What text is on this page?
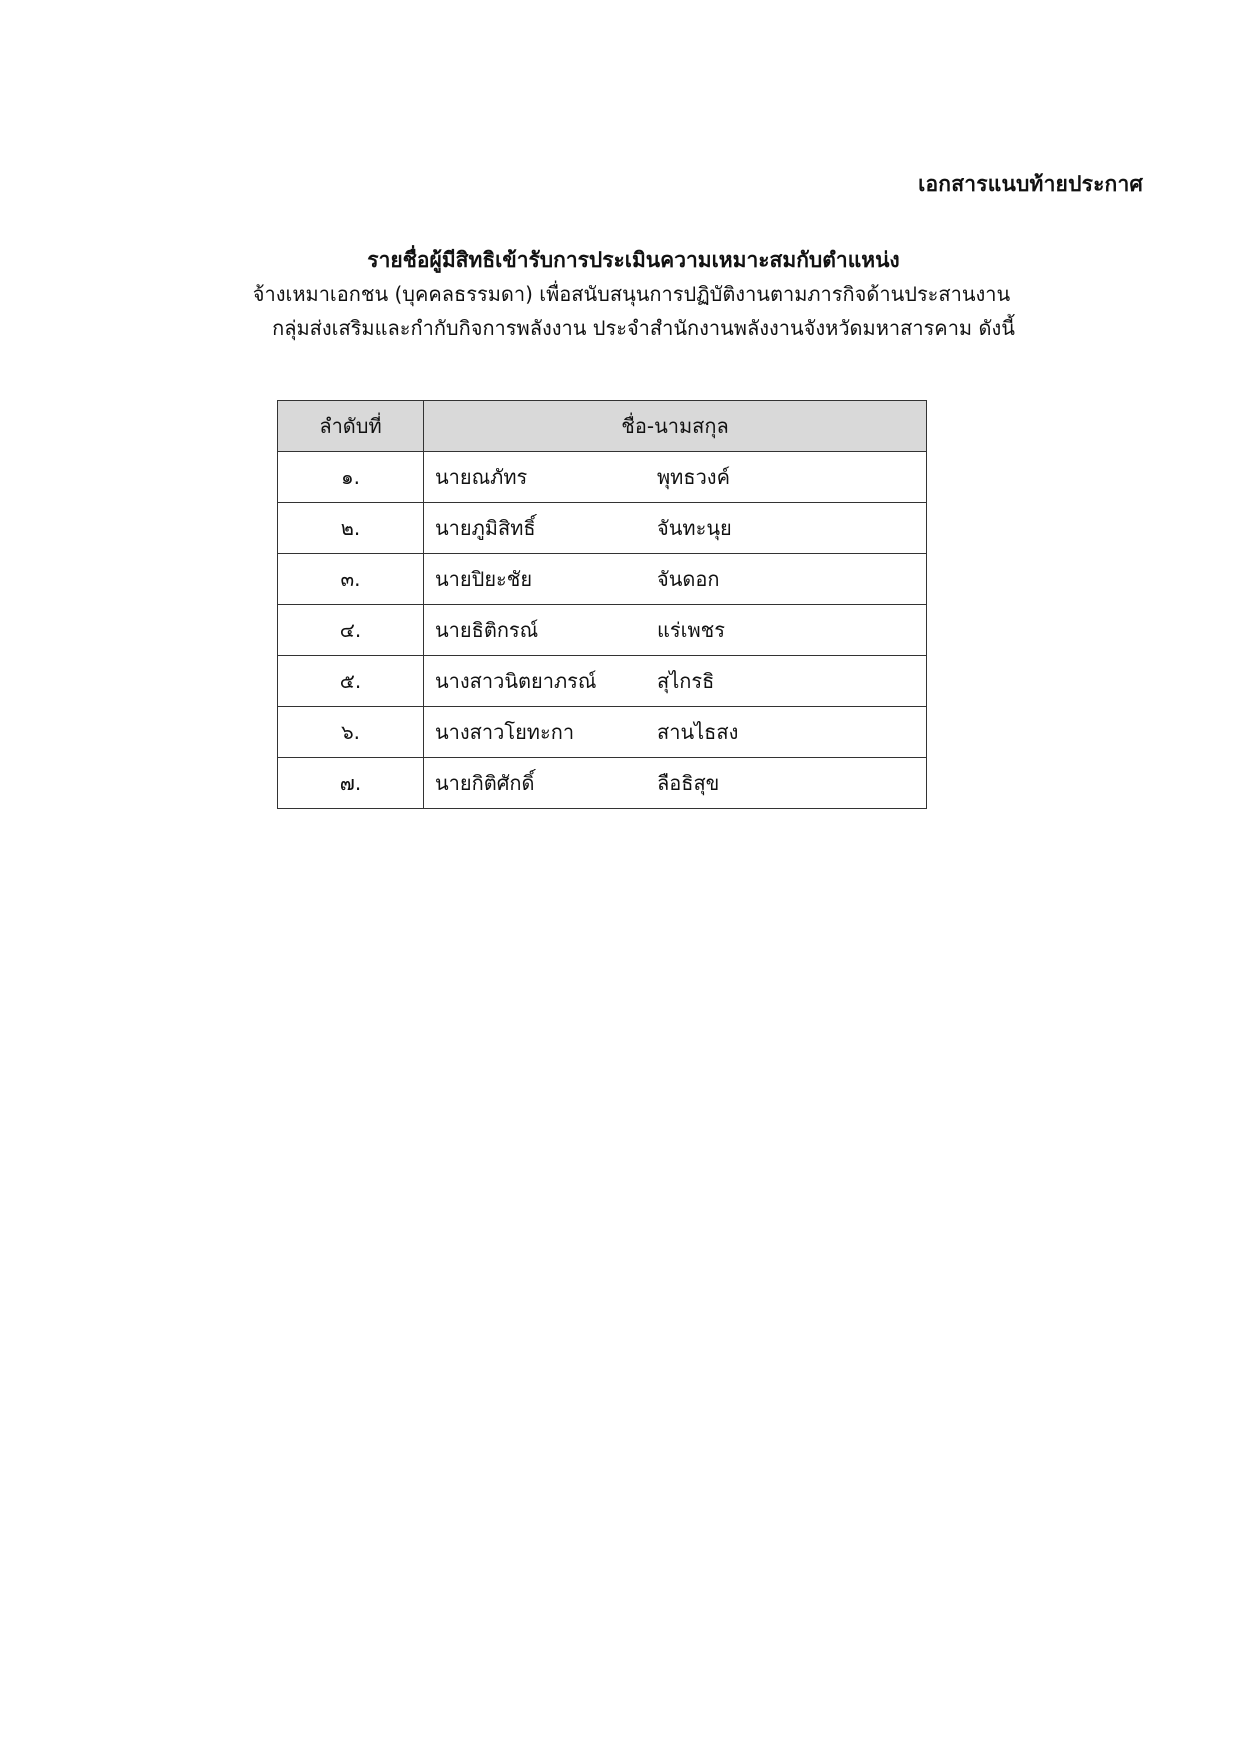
เอกสารแนบท้ายประกาศ

รายชื่อผู้มีสิทธิเข้ารับการประเมินความเหมาะสมกับตำแหน่ง

จ้างเหมาเอกชน (บุคคลธรรมดา) เพื่อสนับสนุนการปฏิบัติงานตามภารกิจด้านประสานงาน

กลุ่มส่งเสริมและกำกับกิจการพลังงาน ประจำสำนักงานพลังงานจังหวัดมหาสารคาม ดังนี้

ลำดับที่	ชื่อ-นามสกุล	
๑.	นายณภัทร	พุทธวงค์
๒.	นายภูมิสิทธิ์	จันทะนุย
๓.	นายปิยะชัย	จันดอก
๔.	นายธิติกรณ์	แร่เพชร
๕.	นางสาวนิตยาภรณ์	สุไกรธิ
๖.	นางสาวโยทะกา	สานไธสง
๗.	นายกิติศักดิ์	ลือธิสุข
